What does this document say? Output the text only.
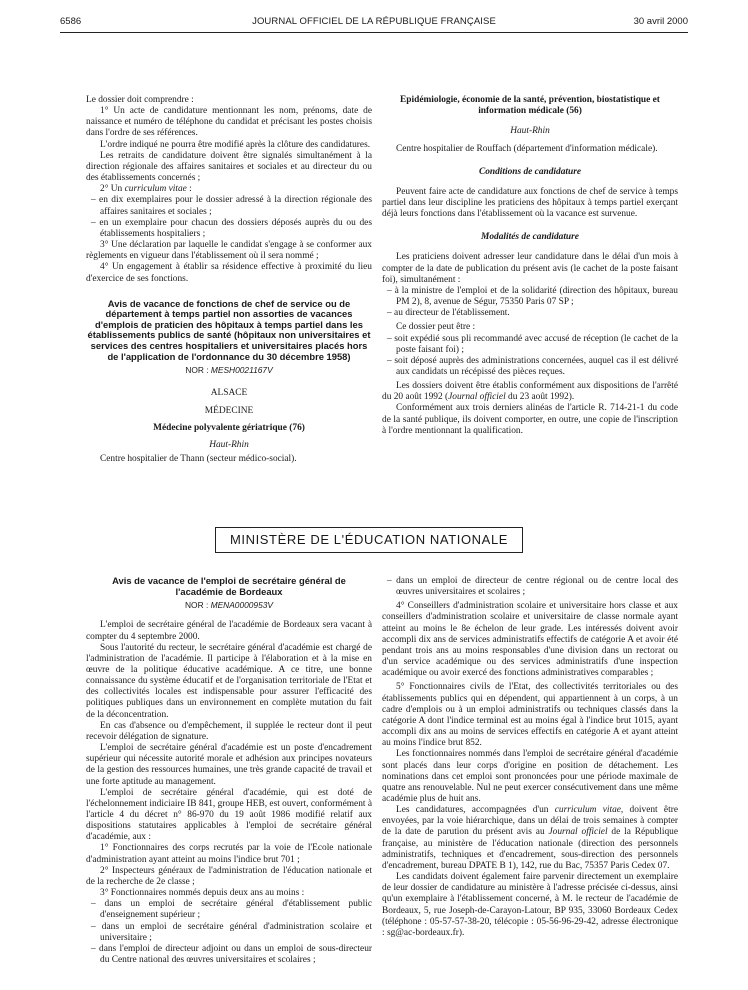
6586	JOURNAL OFFICIEL DE LA RÉPUBLIQUE FRANÇAISE	30 avril 2000

Le dossier doit comprendre :

1° Un acte de candidature mentionnant les nom, prénoms, date de naissance et numéro de téléphone du candidat et précisant les postes choisis dans l'ordre de ses références.

L'ordre indiqué ne pourra être modifié après la clôture des candidatures.

Les retraits de candidature doivent être signalés simultanément à la direction régionale des affaires sanitaires et sociales et au directeur du ou des établissements concernés ;

2° Un curriculum vitae :

– en dix exemplaires pour le dossier adressé à la direction régionale des affaires sanitaires et sociales ;

– en un exemplaire pour chacun des dossiers déposés auprès du ou des établissements hospitaliers ;

3° Une déclaration par laquelle le candidat s'engage à se conformer aux règlements en vigueur dans l'établissement où il sera nommé ;

4° Un engagement à établir sa résidence effective à proximité du lieu d'exercice de ses fonctions.

Avis de vacance de fonctions de chef de service ou de département à temps partiel non assorties de vacances d'emplois de praticien des hôpitaux à temps partiel dans les établissements publics de santé (hôpitaux non universitaires et services des centres hospitaliers et universitaires placés hors de l'application de l'ordonnance du 30 décembre 1958)

NOR : MESH0021167V

ALSACE

MÉDECINE

Médecine polyvalente gériatrique (76)

Haut-Rhin

Centre hospitalier de Thann (secteur médico-social).

Epidémiologie, économie de la santé, prévention, biostatistique et information médicale (56)

Haut-Rhin

Centre hospitalier de Rouffach (département d'information médicale).

Conditions de candidature

Peuvent faire acte de candidature aux fonctions de chef de service à temps partiel dans leur discipline les praticiens des hôpitaux à temps partiel exerçant déjà leurs fonctions dans l'établissement où la vacance est survenue.

Modalités de candidature

Les praticiens doivent adresser leur candidature dans le délai d'un mois à compter de la date de publication du présent avis (le cachet de la poste faisant foi), simultanément :

– à la ministre de l'emploi et de la solidarité (direction des hôpitaux, bureau PM 2), 8, avenue de Ségur, 75350 Paris 07 SP ;

– au directeur de l'établissement.

Ce dossier peut être :

– soit expédié sous pli recommandé avec accusé de réception (le cachet de la poste faisant foi) ;

– soit déposé auprès des administrations concernées, auquel cas il est délivré aux candidats un récépissé des pièces reçues.

Les dossiers doivent être établis conformément aux dispositions de l'arrêté du 20 août 1992 (Journal officiel du 23 août 1992).

Conformément aux trois derniers alinéas de l'article R. 714-21-1 du code de la santé publique, ils doivent comporter, en outre, une copie de l'inscription à l'ordre mentionnant la qualification.

MINISTÈRE DE L'ÉDUCATION NATIONALE

Avis de vacance de l'emploi de secrétaire général de l'académie de Bordeaux

NOR : MENA0000953V

L'emploi de secrétaire général de l'académie de Bordeaux sera vacant à compter du 4 septembre 2000.

Sous l'autorité du recteur, le secrétaire général d'académie est chargé de l'administration de l'académie. Il participe à l'élaboration et à la mise en œuvre de la politique éducative académique. A ce titre, une bonne connaissance du système éducatif et de l'organisation territoriale de l'Etat et des collectivités locales est indispensable pour assurer l'efficacité des politiques publiques dans un environnement en complète mutation du fait de la déconcentration.

En cas d'absence ou d'empêchement, il supplée le recteur dont il peut recevoir délégation de signature.

L'emploi de secrétaire général d'académie est un poste d'encadrement supérieur qui nécessite autorité morale et adhésion aux principes novateurs de la gestion des ressources humaines, une très grande capacité de travail et une forte aptitude au management.

L'emploi de secrétaire général d'académie, qui est doté de l'échelonnement indiciaire IB 841, groupe HEB, est ouvert, conformément à l'article 4 du décret n° 86-970 du 19 août 1986 modifié relatif aux dispositions statutaires applicables à l'emploi de secrétaire général d'académie, aux :

1° Fonctionnaires des corps recrutés par la voie de l'Ecole nationale d'administration ayant atteint au moins l'indice brut 701 ;

2° Inspecteurs généraux de l'administration de l'éducation nationale et de la recherche de 2e classe ;

3° Fonctionnaires nommés depuis deux ans au moins :

– dans un emploi de secrétaire général d'établissement public d'enseignement supérieur ;

– dans un emploi de secrétaire général d'administration scolaire et universitaire ;

– dans l'emploi de directeur adjoint ou dans un emploi de sous-directeur du Centre national des œuvres universitaires et scolaires ;

– dans un emploi de directeur de centre régional ou de centre local des œuvres universitaires et scolaires ;

4° Conseillers d'administration scolaire et universitaire hors classe et aux conseillers d'administration scolaire et universitaire de classe normale ayant atteint au moins le 8e échelon de leur grade. Les intéressés doivent avoir accompli dix ans de services administratifs effectifs de catégorie A et avoir été pendant trois ans au moins responsables d'une division dans un rectorat ou d'un service académique ou des services administratifs d'une inspection académique ou avoir exercé des fonctions administratives comparables ;

5° Fonctionnaires civils de l'Etat, des collectivités territoriales ou des établissements publics qui en dépendent, qui appartiennent à un corps, à un cadre d'emplois ou à un emploi administratifs ou techniques classés dans la catégorie A dont l'indice terminal est au moins égal à l'indice brut 1015, ayant accompli dix ans au moins de services effectifs en catégorie A et ayant atteint au moins l'indice brut 852.

Les fonctionnaires nommés dans l'emploi de secrétaire général d'académie sont placés dans leur corps d'origine en position de détachement. Les nominations dans cet emploi sont prononcées pour une période maximale de quatre ans renouvelable. Nul ne peut exercer consécutivement dans une même académie plus de huit ans.

Les candidatures, accompagnées d'un curriculum vitae, doivent être envoyées, par la voie hiérarchique, dans un délai de trois semaines à compter de la date de parution du présent avis au Journal officiel de la République française, au ministère de l'éducation nationale (direction des personnels administratifs, techniques et d'encadrement, sous-direction des personnels d'encadrement, bureau DPATE B 1), 142, rue du Bac, 75357 Paris Cedex 07.

Les candidats doivent également faire parvenir directement un exemplaire de leur dossier de candidature au ministère à l'adresse précisée ci-dessus, ainsi qu'un exemplaire à l'établissement concerné, à M. le recteur de l'académie de Bordeaux, 5, rue Joseph-de-Carayon-Latour, BP 935, 33060 Bordeaux Cedex (téléphone : 05-57-57-38-20, télécopie : 05-56-96-29-42, adresse électronique : sg@ac-bordeaux.fr).
